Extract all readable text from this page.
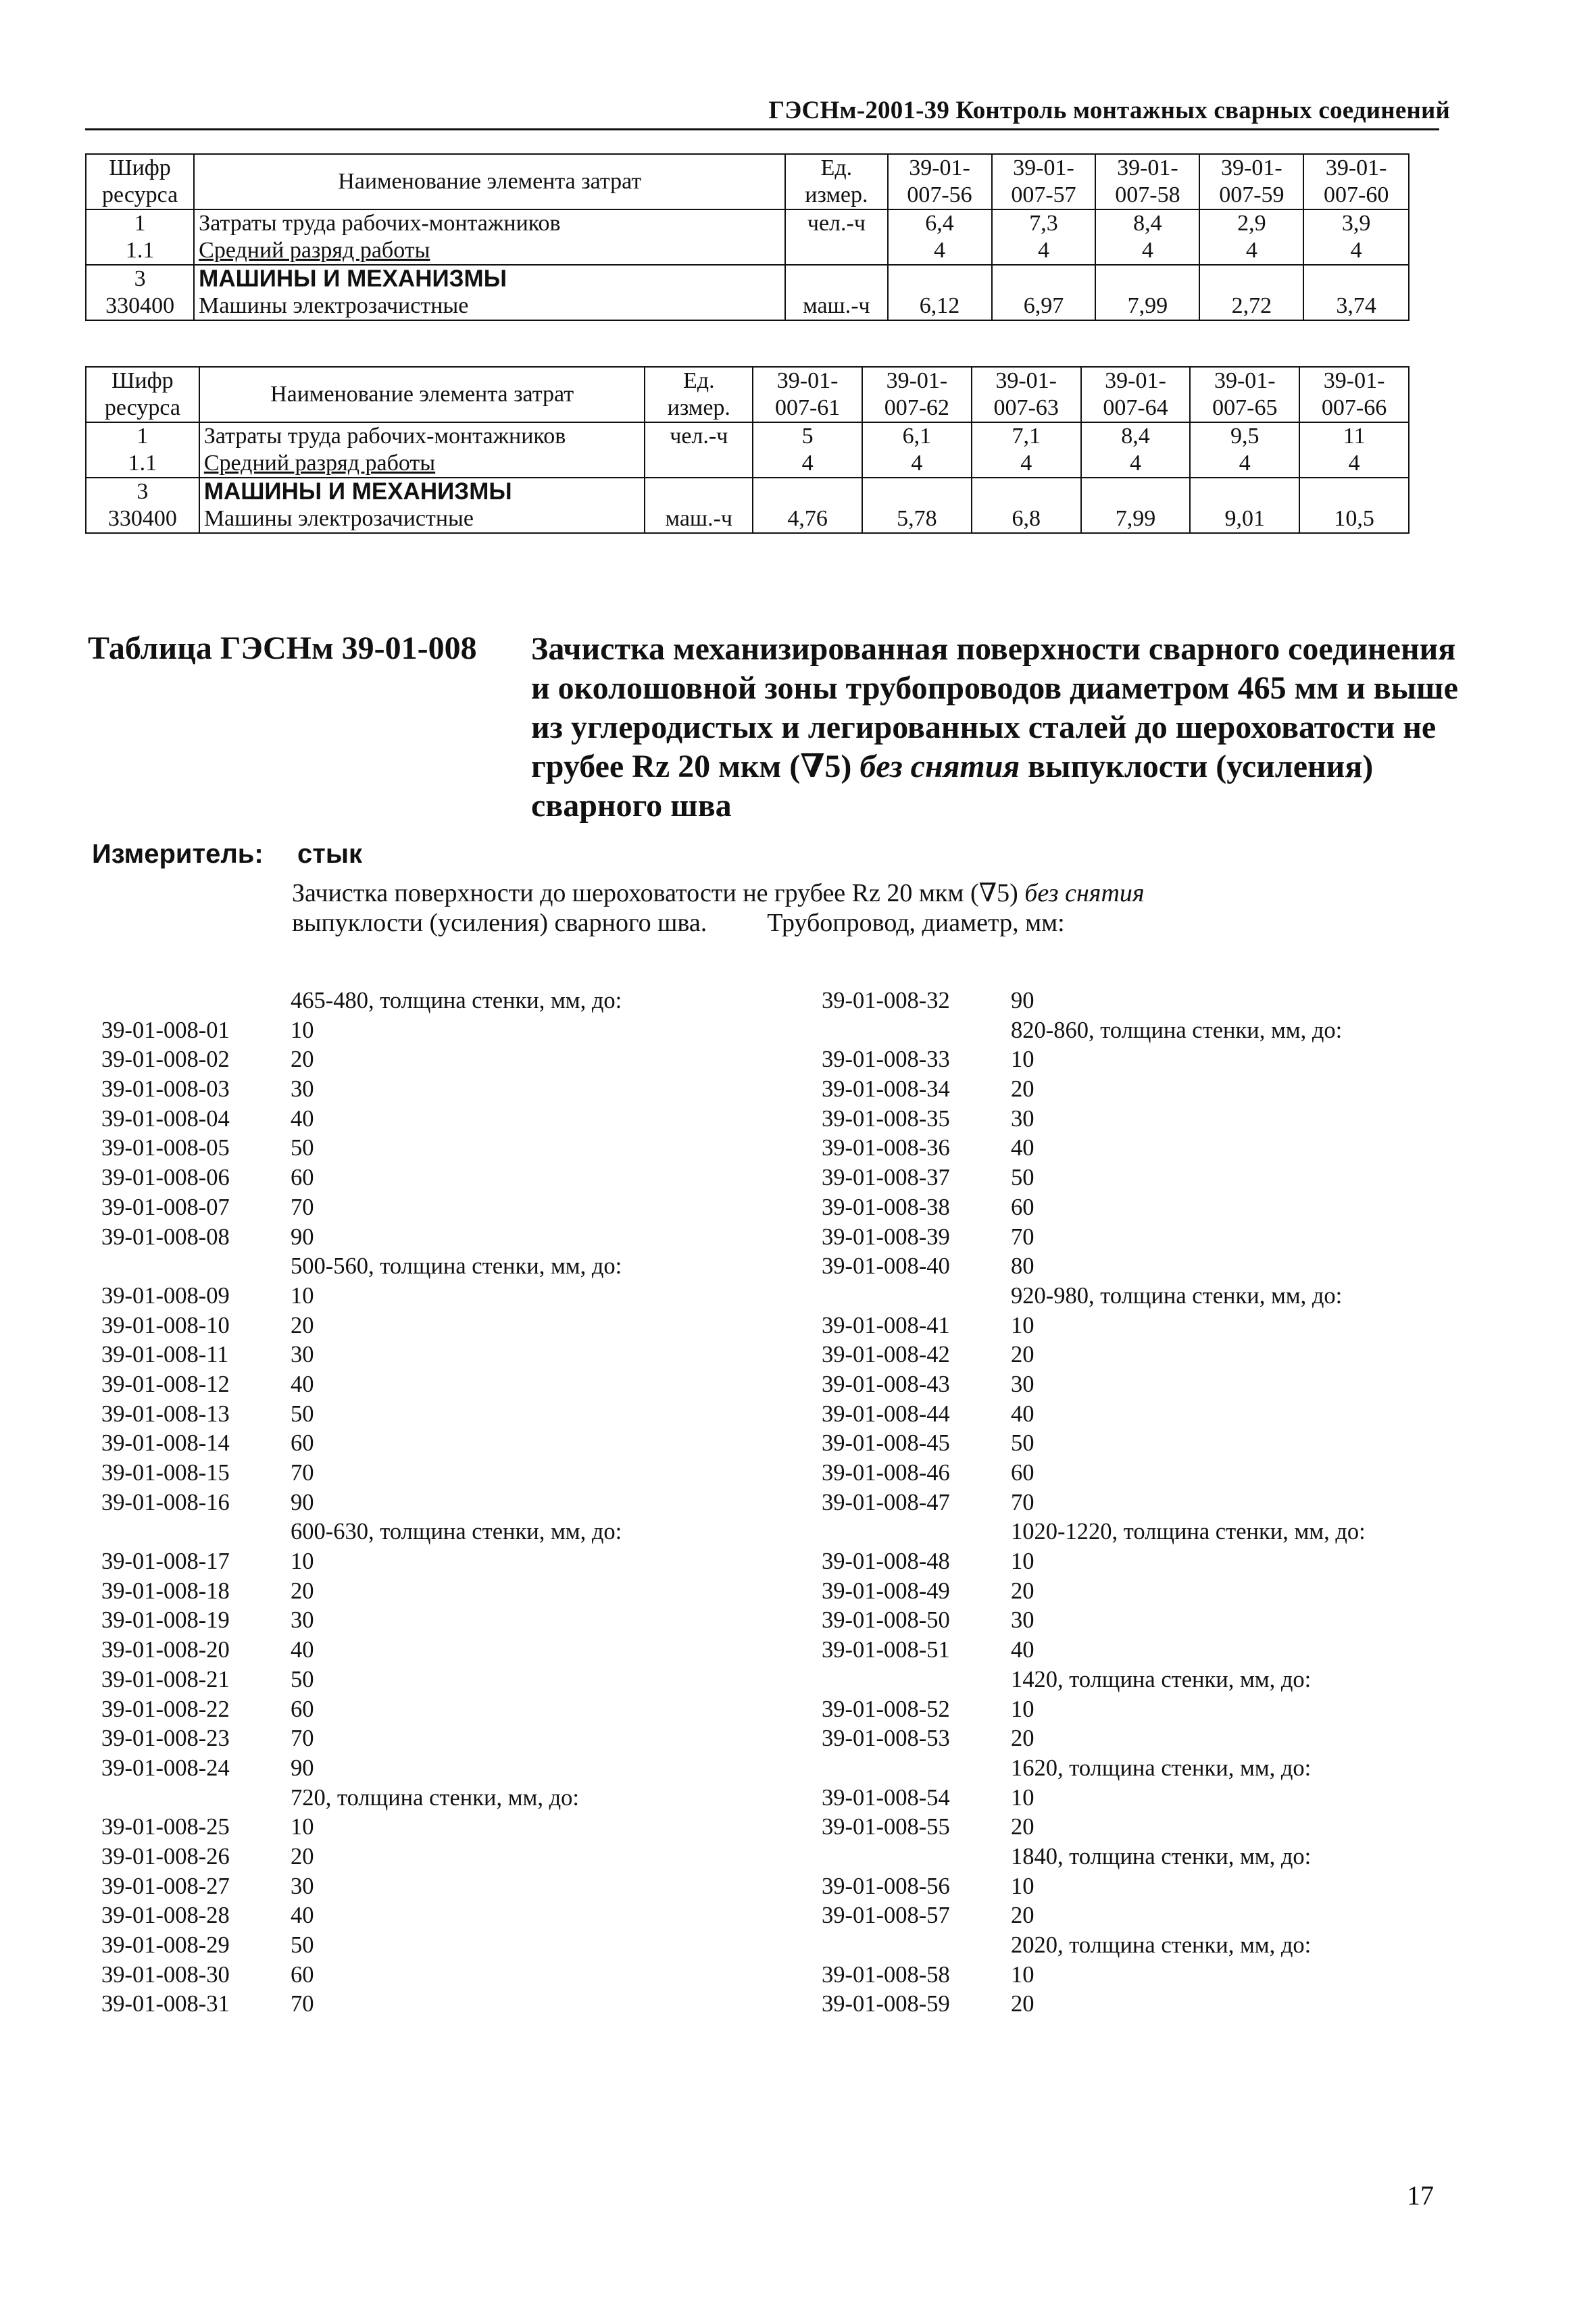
ГЭСНм-2001-39 Контроль монтажных сварных соединений
Шифр	Наименование элемента затрат	Ед.	39-01-	39-01-	39-01-	39-01-	39-01-
ресурса		измер.	007-56	007-57	007-58	007-59	007-60
1	Затраты труда рабочих-монтажников	чел.-ч	6,4	7,3	8,4	2,9	3,9
1.1	Средний разряд работы		4	4	4	4	4
3	МАШИНЫ И МЕХАНИЗМЫ						
330400	Машины электрозачистные	маш.-ч	6,12	6,97	7,99	2,72	3,74
Шифр	Наименование элемента затрат	Ед.	39-01-	39-01-	39-01-	39-01-	39-01-	39-01-
ресурса		измер.	007-61	007-62	007-63	007-64	007-65	007-66
1	Затраты труда рабочих-монтажников	чел.-ч	5	6,1	7,1	8,4	9,5	11
1.1	Средний разряд работы		4	4	4	4	4	4
3	МАШИНЫ И МЕХАНИЗМЫ							
330400	Машины электрозачистные	маш.-ч	4,76	5,78	6,8	7,99	9,01	10,5
Таблица ГЭСНм 39-01-008 Зачистка механизированная поверхности сварного соединения и околошовной зоны трубопроводов диаметром 465 мм и выше из углеродистых и легированных сталей до шероховатости не грубее Rz 20 мкм (∇5) без снятия выпуклости (усиления) сварного шва
Измеритель: стык
Зачистка поверхности до шероховатости не грубее Rz 20 мкм (∇5) без снятия
выпуклости (усиления) сварного шва. Трубопровод, диаметр, мм:
465-480, толщина стенки, мм, до:
39-01-008-01	10
39-01-008-02	20
39-01-008-03	30
39-01-008-04	40
39-01-008-05	50
39-01-008-06	60
39-01-008-07	70
39-01-008-08	90
500-560, толщина стенки, мм, до:
39-01-008-09	10
39-01-008-10	20
39-01-008-11	30
39-01-008-12	40
39-01-008-13	50
39-01-008-14	60
39-01-008-15	70
39-01-008-16	90
600-630, толщина стенки, мм, до:
39-01-008-17	10
39-01-008-18	20
39-01-008-19	30
39-01-008-20	40
39-01-008-21	50
39-01-008-22	60
39-01-008-23	70
39-01-008-24	90
720, толщина стенки, мм, до:
39-01-008-25	10
39-01-008-26	20
39-01-008-27	30
39-01-008-28	40
39-01-008-29	50
39-01-008-30	60
39-01-008-31	70
39-01-008-32	90
820-860, толщина стенки, мм, до:
39-01-008-33	10
39-01-008-34	20
39-01-008-35	30
39-01-008-36	40
39-01-008-37	50
39-01-008-38	60
39-01-008-39	70
39-01-008-40	80
920-980, толщина стенки, мм, до:
39-01-008-41	10
39-01-008-42	20
39-01-008-43	30
39-01-008-44	40
39-01-008-45	50
39-01-008-46	60
39-01-008-47	70
1020-1220, толщина стенки, мм, до:
39-01-008-48	10
39-01-008-49	20
39-01-008-50	30
39-01-008-51	40
1420, толщина стенки, мм, до:
39-01-008-52	10
39-01-008-53	20
1620, толщина стенки, мм, до:
39-01-008-54	10
39-01-008-55	20
1840, толщина стенки, мм, до:
39-01-008-56	10
39-01-008-57	20
2020, толщина стенки, мм, до:
39-01-008-58	10
39-01-008-59	20
17
